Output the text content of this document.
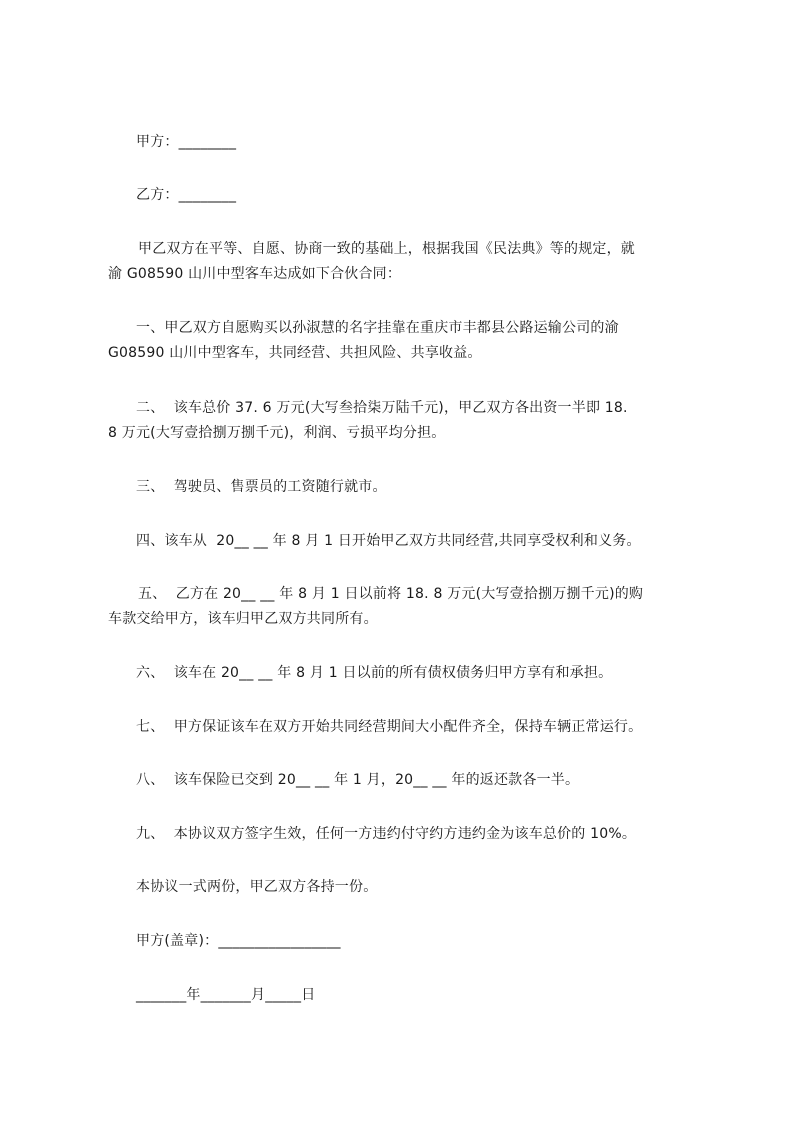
甲方：________
乙方：________
甲乙双方在平等、自愿、协商一致的基础上，根据我国《民法典》等的规定，就
渝 G08590 山川中型客车达成如下合伙合同：
一、甲乙双方自愿购买以孙淑慧的名字挂靠在重庆市丰都县公路运输公司的渝
G08590 山川中型客车，共同经营、共担风险、共享收益。
二、  该车总价 37. 6 万元(大写叁拾柒万陆千元)，甲乙双方各出资一半即 18.
8 万元(大写壹拾捌万捌千元)，利润、亏损平均分担。
三、  驾驶员、售票员的工资随行就市。
四、该车从  20__ __ 年 8 月 1 日开始甲乙双方共同经营,共同享受权利和义务。
五、  乙方在 20__ __ 年 8 月 1 日以前将 18. 8 万元(大写壹拾捌万捌千元)的购
车款交给甲方，该车归甲乙双方共同所有。
六、  该车在 20__ __ 年 8 月 1 日以前的所有债权债务归甲方享有和承担。
七、  甲方保证该车在双方开始共同经营期间大小配件齐全，保持车辆正常运行。
八、  该车保险已交到 20__ __ 年 1 月，20__ __ 年的返还款各一半。
九、  本协议双方签字生效，任何一方违约付守约方违约金为该车总价的 10%。
本协议一式两份，甲乙双方各持一份。
甲方(盖章)：_________________
_______年_______月_____日
